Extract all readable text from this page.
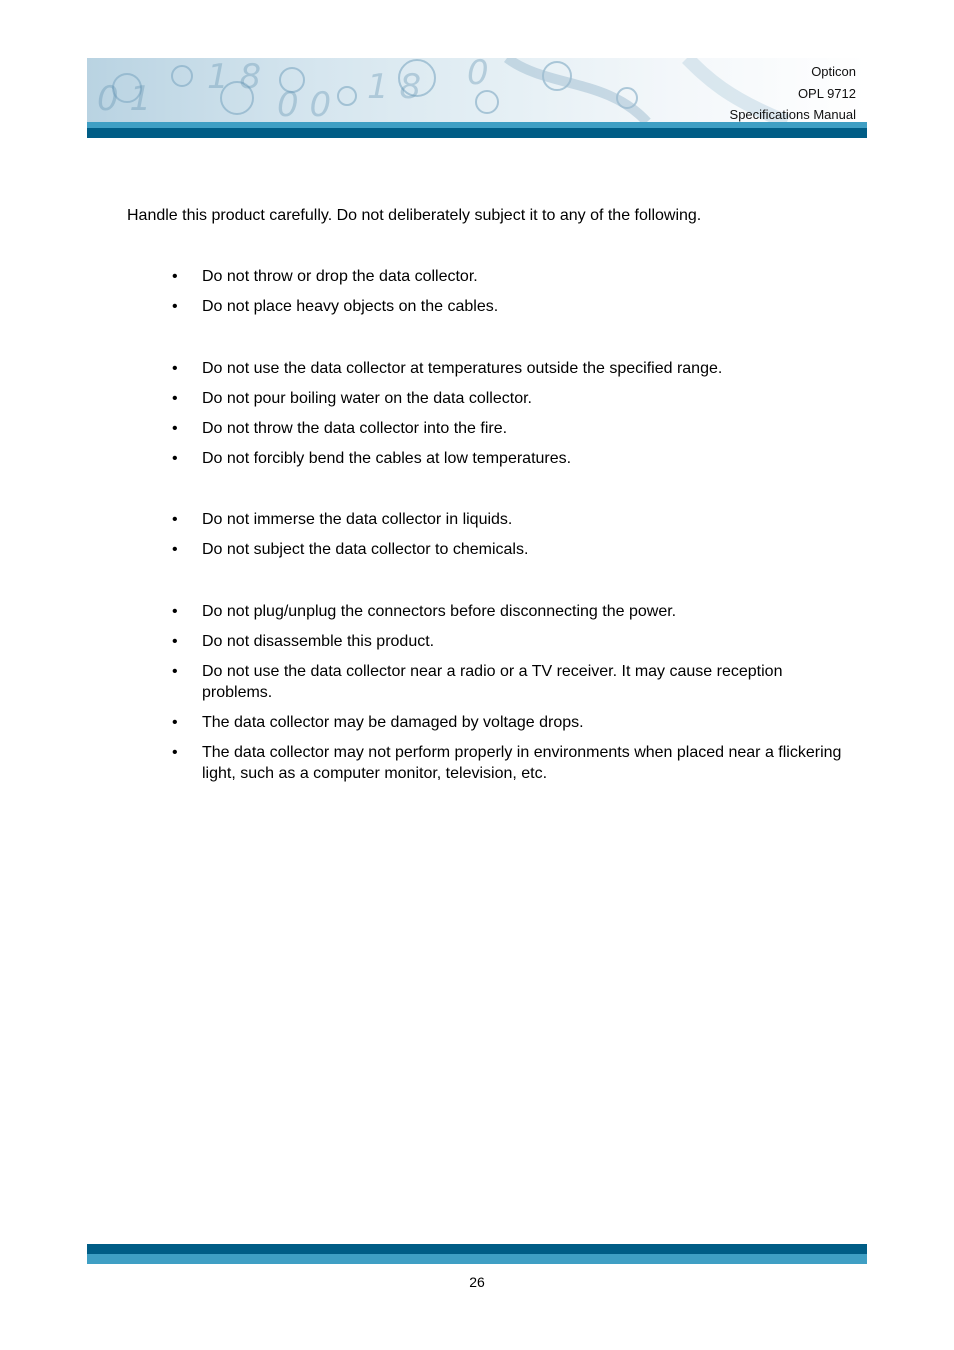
0 1
1 8
0 0 1 8 0	Opticon
OPL 9712
Specifications Manual
Handle this product carefully. Do not deliberately subject it to any of the following.
• Do not throw or drop the data collector.
• Do not place heavy objects on the cables.
• Do not use the data collector at temperatures outside the specified range.
• Do not pour boiling water on the data collector.
• Do not throw the data collector into the fire.
• Do not forcibly bend the cables at low temperatures.
• Do not immerse the data collector in liquids.
• Do not subject the data collector to chemicals.
• Do not plug/unplug the connectors before disconnecting the power.
• Do not disassemble this product.
• Do not use the data collector near a radio or a TV receiver. It may cause reception problems.
• The data collector may be damaged by voltage drops.
• The data collector may not perform properly in environments when placed near a flickering light, such as a computer monitor, television, etc.
26
